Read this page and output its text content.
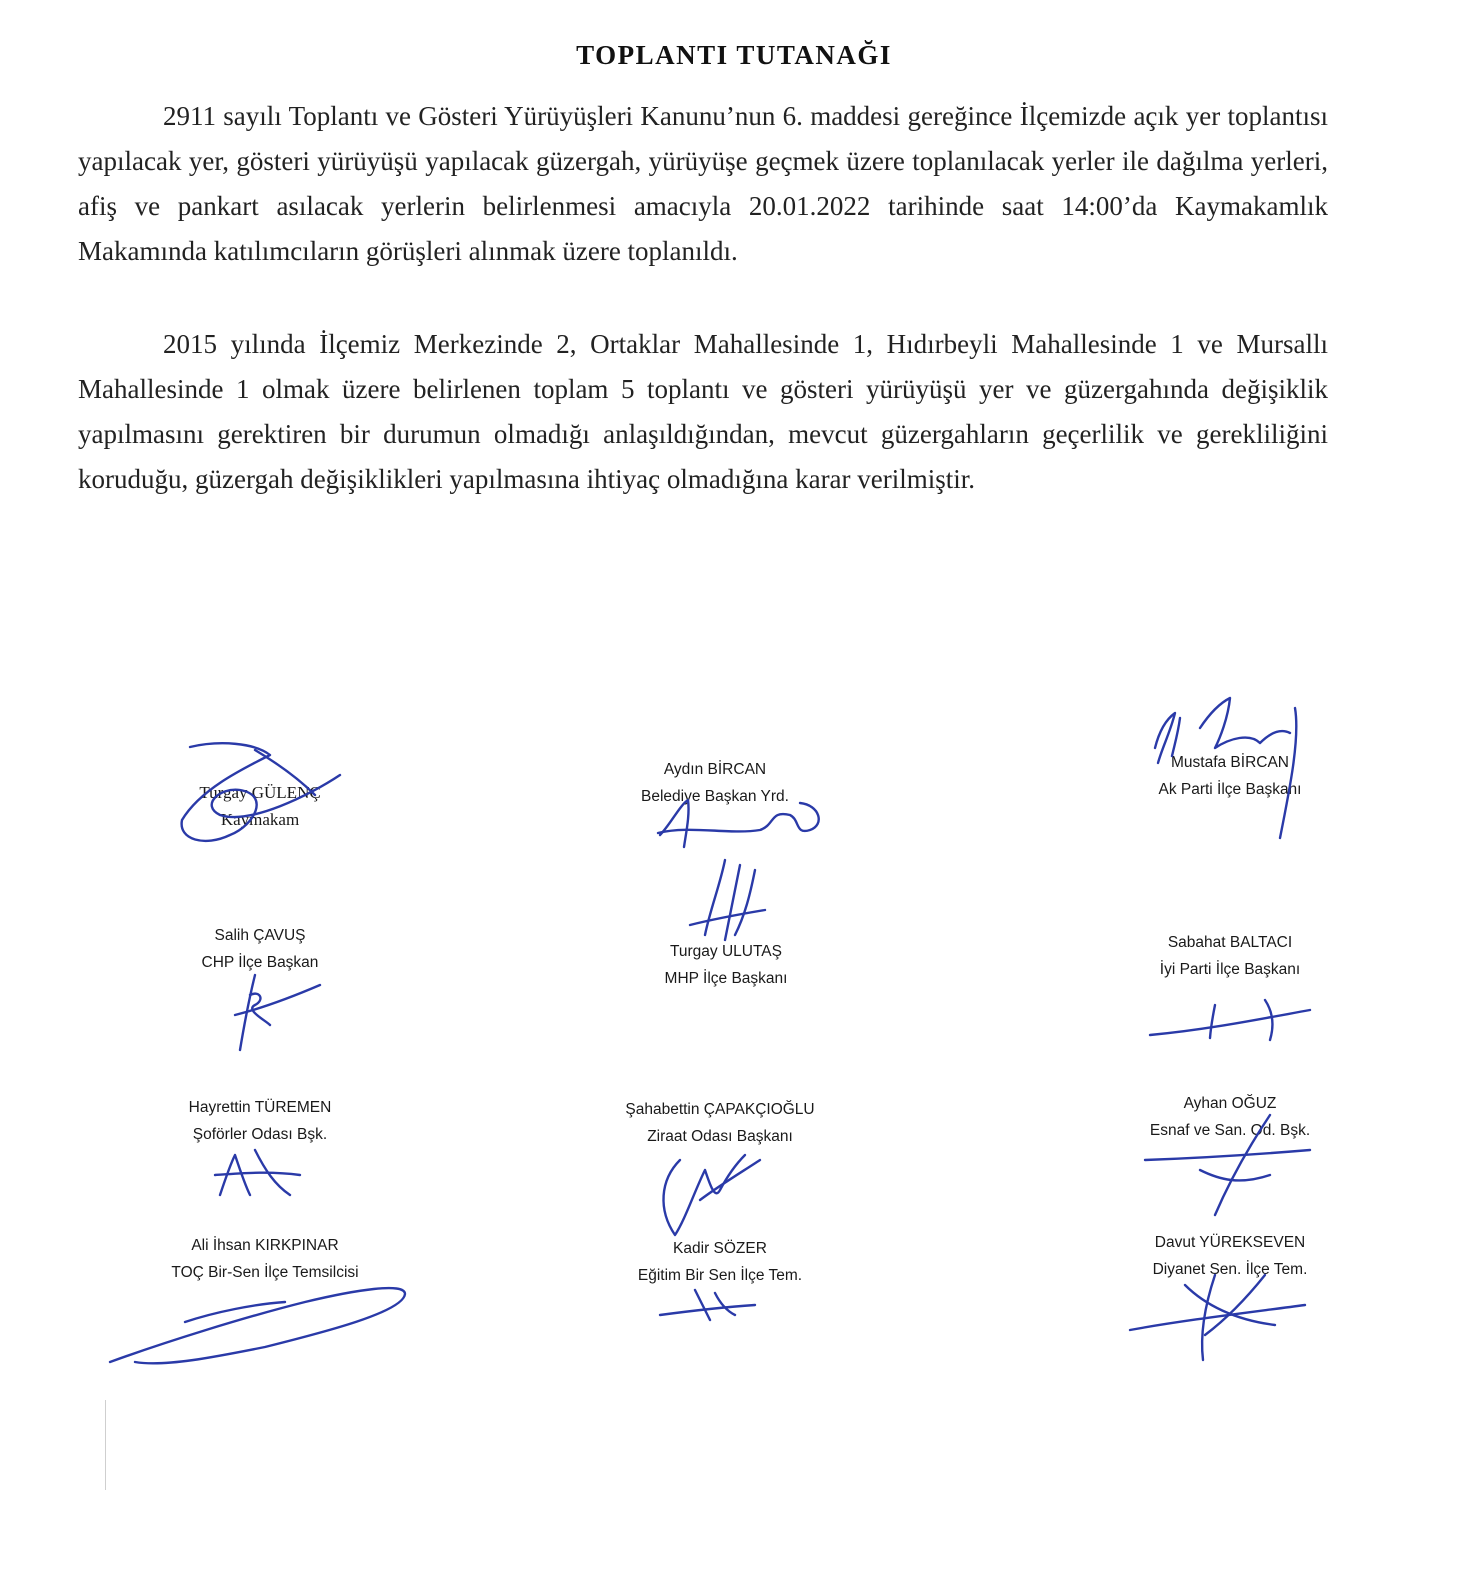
TOPLANTI TUTANAĞI
2911 sayılı Toplantı ve Gösteri Yürüyüşleri Kanunu’nun 6. maddesi gereğince İlçemizde açık yer toplantısı yapılacak yer, gösteri yürüyüşü yapılacak güzergah, yürüyüşe geçmek üzere toplanılacak yerler ile dağılma yerleri, afiş ve pankart asılacak yerlerin belirlenmesi amacıyla 20.01.2022 tarihinde saat 14:00’da Kaymakamlık Makamında katılımcıların görüşleri alınmak üzere toplanıldı.
2015 yılında İlçemiz Merkezinde 2, Ortaklar Mahallesinde 1, Hıdırbeyli Mahallesinde 1 ve Mursallı Mahallesinde 1 olmak üzere belirlenen toplam 5 toplantı ve gösteri yürüyüşü yer ve güzergahında değişiklik yapılmasını gerektiren bir durumun olmadığı anlaşıldığından, mevcut güzergahların geçerlilik ve gerekliliğini koruduğu, güzergah değişiklikleri yapılmasına ihtiyaç olmadığına karar verilmiştir.
Turgay GÜLENÇ
Kaymakam
Aydın BİRCAN
Belediye Başkan Yrd.
Mustafa BİRCAN
Ak Parti İlçe Başkanı
Salih ÇAVUŞ
CHP İlçe Başkan
Turgay ULUTAŞ
MHP İlçe Başkanı
Sabahat BALTACI
İyi Parti İlçe Başkanı
Hayrettin TÜREMEN
Şoförler Odası Bşk.
Şahabettin ÇAPAKÇIOĞLU
Ziraat Odası Başkanı
Ayhan OĞUZ
Esnaf ve San. Od. Bşk.
Ali İhsan KIRKPINAR
TOÇ Bir-Sen İlçe Temsilcisi
Kadir SÖZER
Eğitim Bir Sen İlçe Tem.
Davut YÜREKSEVEN
Diyanet Sen. İlçe Tem.
